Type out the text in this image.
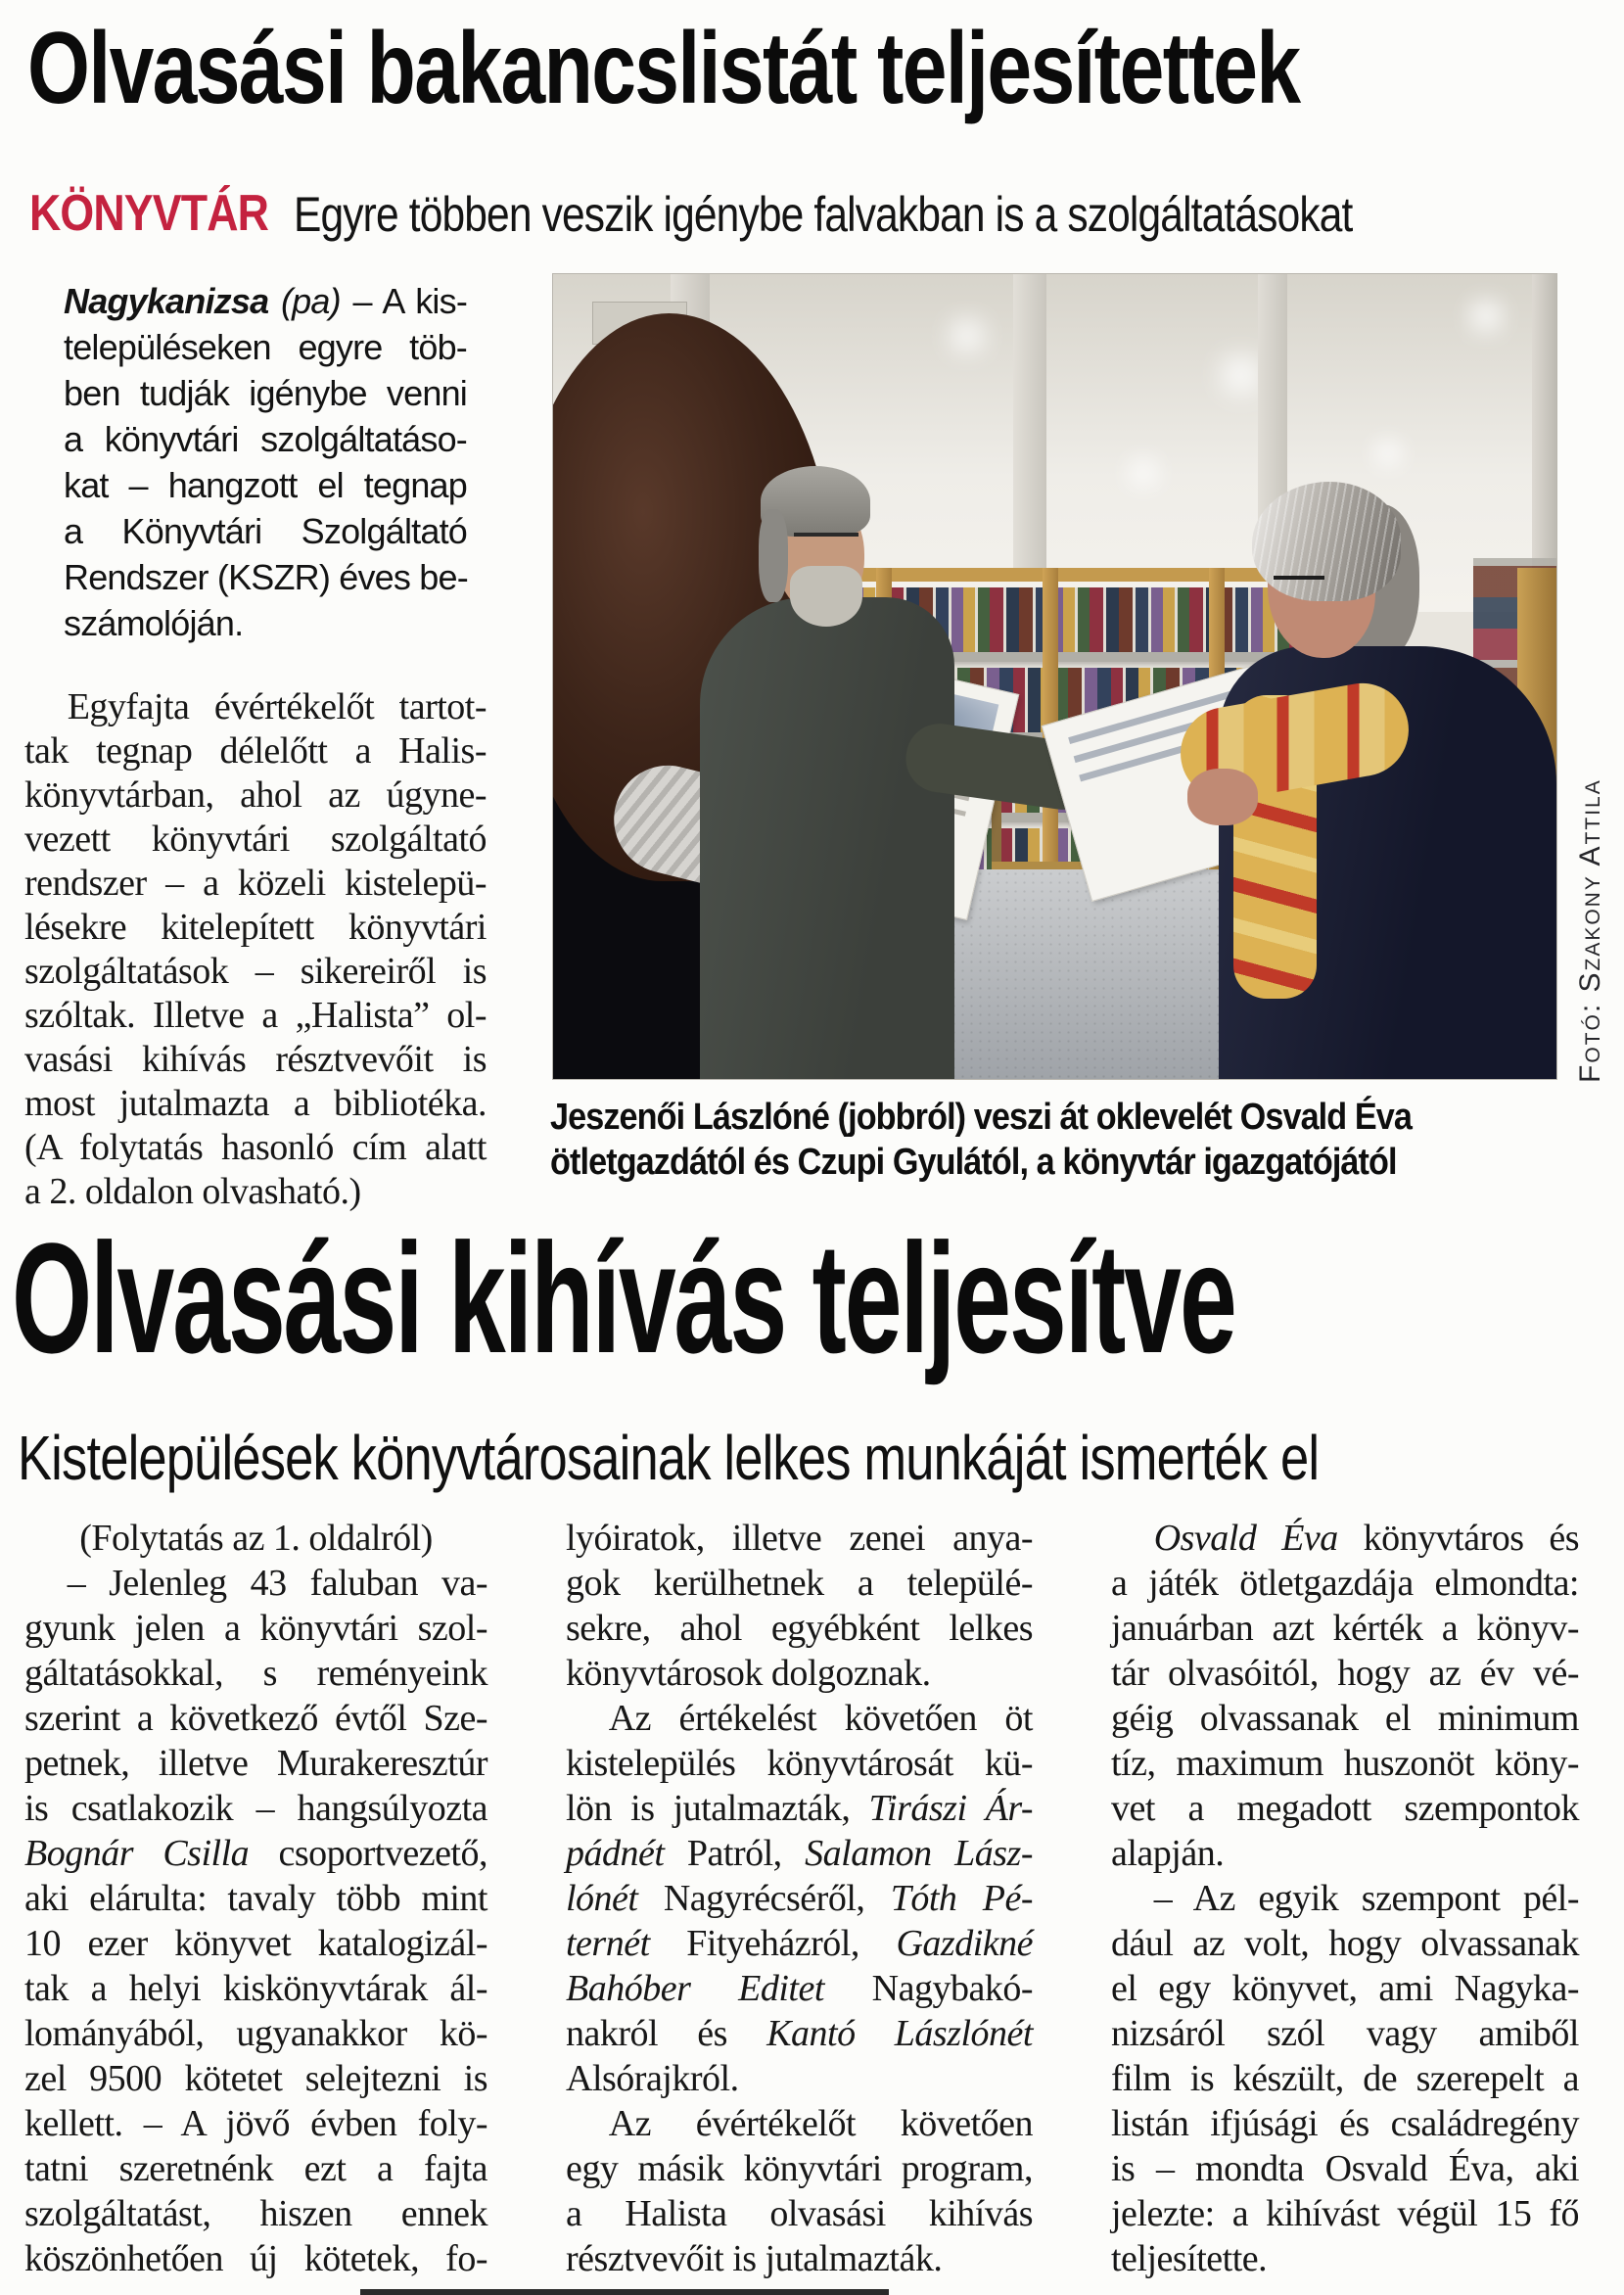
Olvasási bakancslistát teljesítettek
KÖNYVTÁR Egyre többen veszik igénybe falvakban is a szolgáltatásokat
Nagykanizsa (pa) – A kis-
településeken egyre töb-
ben tudják igénybe venni
a könyvtári szolgáltatáso-
kat – hangzott el tegnap
a Könyvtári Szolgáltató
Rendszer (KSZR) éves be-
számolóján.
Egyfajta évértékelőt tartot-
tak tegnap délelőtt a Halis-
könyvtárban, ahol az úgyne-
vezett könyvtári szolgáltató
rendszer – a közeli kistelepü-
lésekre kitelepített könyvtári
szolgáltatások – sikereiről is
szóltak. Illetve a „Halista” ol-
vasási kihívás résztvevőit is
most jutalmazta a bibliotéka.
(A folytatás hasonló cím alatt
a 2. oldalon olvasható.)
Fotó: Szakony Attila
Jeszenői Lászlóné (jobbról) veszi át oklevelét Osvald Éva
ötletgazdától és Czupi Gyulától, a könyvtár igazgatójától
Olvasási kihívás teljesítve
Kistelepülések könyvtárosainak lelkes munkáját ismerték el
(Folytatás az 1. oldalról)
– Jelenleg 43 faluban va-
gyunk jelen a könyvtári szol-
gáltatásokkal, s reményeink
szerint a következő évtől Sze-
petnek, illetve Murakeresztúr
is csatlakozik – hangsúlyozta
Bognár Csilla csoportvezető,
aki elárulta: tavaly több mint
10 ezer könyvet katalogizál-
tak a helyi kiskönyvtárak ál-
lományából, ugyanakkor kö-
zel 9500 kötetet selejtezni is
kellett. – A jövő évben foly-
tatni szeretnénk ezt a fajta
szolgáltatást, hiszen ennek
köszönhetően új kötetek, fo-
lyóiratok, illetve zenei anya-
gok kerülhetnek a települé-
sekre, ahol egyébként lelkes
könyvtárosok dolgoznak.
Az értékelést követően öt
kistelepülés könyvtárosát kü-
lön is jutalmazták, Tirászi Ár-
pádnét Patról, Salamon Lász-
lónét Nagyrécséről, Tóth Pé-
ternét Fityeházról, Gazdikné
Bahóber Editet Nagybakó-
nakról és Kantó Lászlónét
Alsórajkról.
Az évértékelőt követően
egy másik könyvtári program,
a Halista olvasási kihívás
résztvevőit is jutalmazták.
Osvald Éva könyvtáros és
a játék ötletgazdája elmondta:
januárban azt kérték a könyv-
tár olvasóitól, hogy az év vé-
géig olvassanak el minimum
tíz, maximum huszonöt köny-
vet a megadott szempontok
alapján.
– Az egyik szempont pél-
dául az volt, hogy olvassanak
el egy könyvet, ami Nagyka-
nizsáról szól vagy amiből
film is készült, de szerepelt a
listán ifjúsági és családregény
is – mondta Osvald Éva, aki
jelezte: a kihívást végül 15 fő
teljesítette.
